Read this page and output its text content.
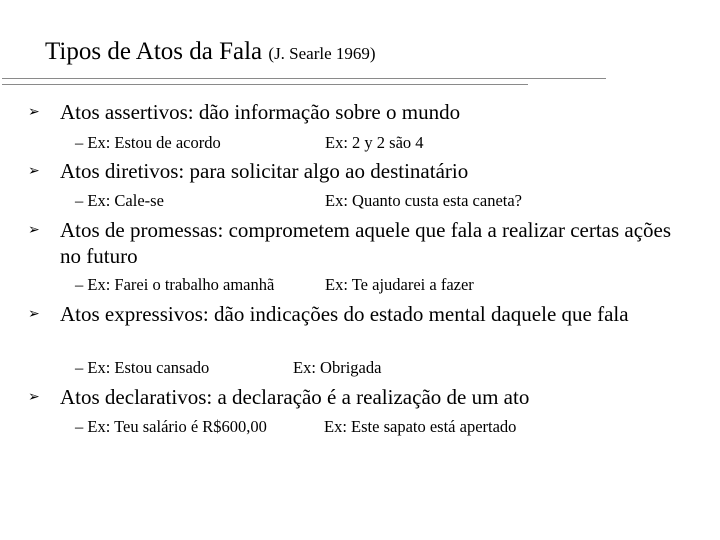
Tipos de Atos da Fala (J. Searle 1969)
➢ Atos assertivos: dão informação sobre o mundo
– Ex: Estou de acordo	Ex: 2 y 2 são 4
➢ Atos diretivos: para solicitar algo ao destinatário
– Ex: Cale-se	Ex: Quanto custa esta caneta?
➢ Atos de promessas: comprometem aquele que fala a realizar certas ações no futuro
– Ex: Farei o trabalho amanhã	Ex: Te ajudarei a fazer
➢ Atos expressivos: dão indicações do estado mental daquele que fala
– Ex: Estou cansado	Ex: Obrigada
➢ Atos declarativos: a declaração é a realização de um ato
– Ex: Teu salário é R$600,00	Ex: Este sapato está apertado
